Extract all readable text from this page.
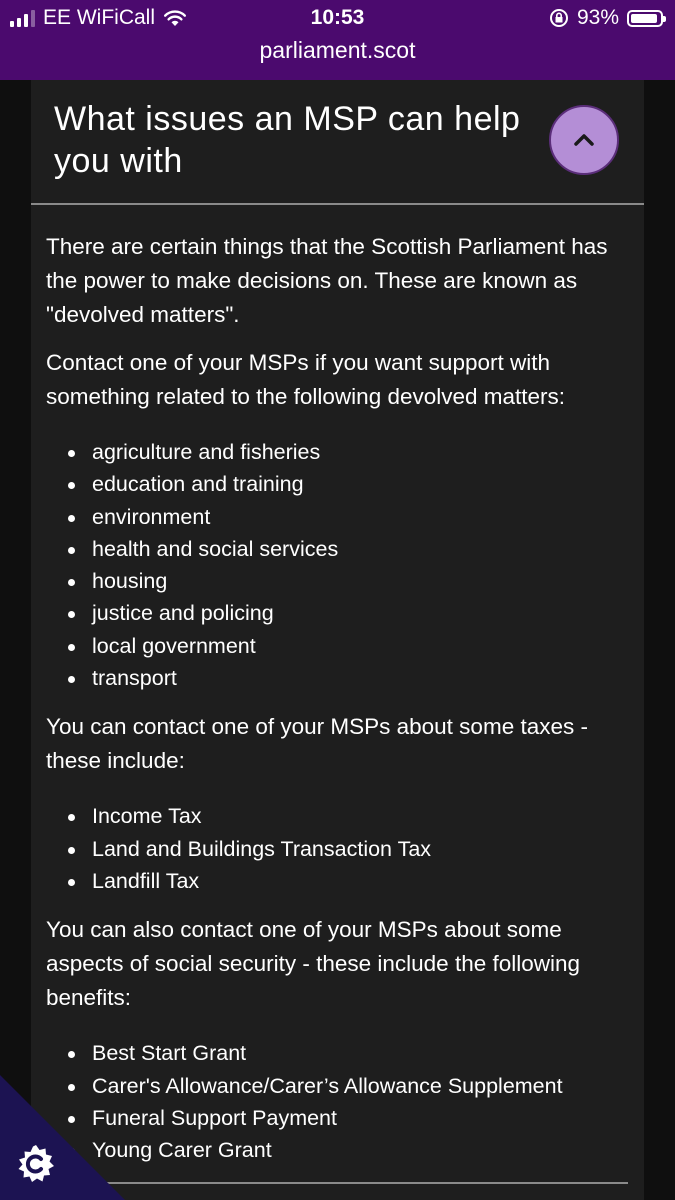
EE WiFiCall	10:53	93%
parliament.scot
What issues an MSP can help you with

There are certain things that the Scottish Parliament has the power to make decisions on. These are known as "devolved matters".

Contact one of your MSPs if you want support with something related to the following devolved matters:

agriculture and fisheries
education and training
environment
health and social services
housing
justice and policing
local government
transport

You can contact one of your MSPs about some taxes - these include:

Income Tax
Land and Buildings Transaction Tax
Landfill Tax

You can also contact one of your MSPs about some aspects of social security - these include the following benefits:

Best Start Grant
Carer's Allowance/Carer’s Allowance Supplement
Funeral Support Payment
Young Carer Grant
